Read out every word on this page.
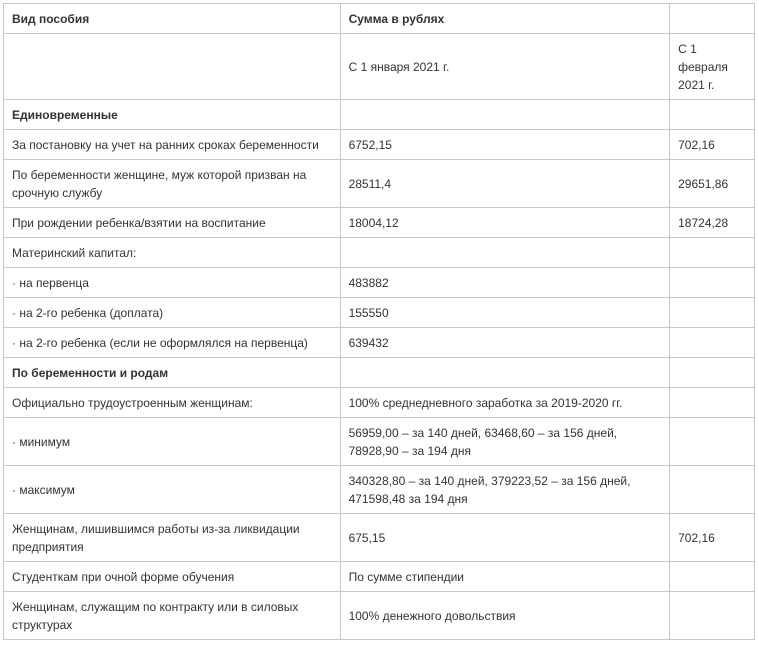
Вид пособия	Сумма в рублях	
	С 1 января 2021 г.	С 1 февраля 2021 г.
Единовременные		
За постановку на учет на ранних сроках беременности	6752,15	702,16
По беременности женщине, муж которой призван на срочную службу	28511,4	29651,86
При рождении ребенка/взятии на воспитание	18004,12	18724,28
Материнский капитал:		
· на первенца	483882	
· на 2-го ребенка (доплата)	155550	
· на 2-го ребенка (если не оформлялся на первенца)	639432	
По беременности и родам		
Официально трудоустроенным женщинам:	100% среднедневного заработка за 2019-2020 гг.	
· минимум	56959,00 – за 140 дней, 63468,60 – за 156 дней, 78928,90 – за 194 дня	
· максимум	340328,80 – за 140 дней, 379223,52 – за 156 дней, 471598,48 за 194 дня	
Женщинам, лишившимся работы из-за ликвидации предприятия	675,15	702,16
Студенткам при очной форме обучения	По сумме стипендии	
Женщинам, служащим по контракту или в силовых структурах	100% денежного довольствия	
